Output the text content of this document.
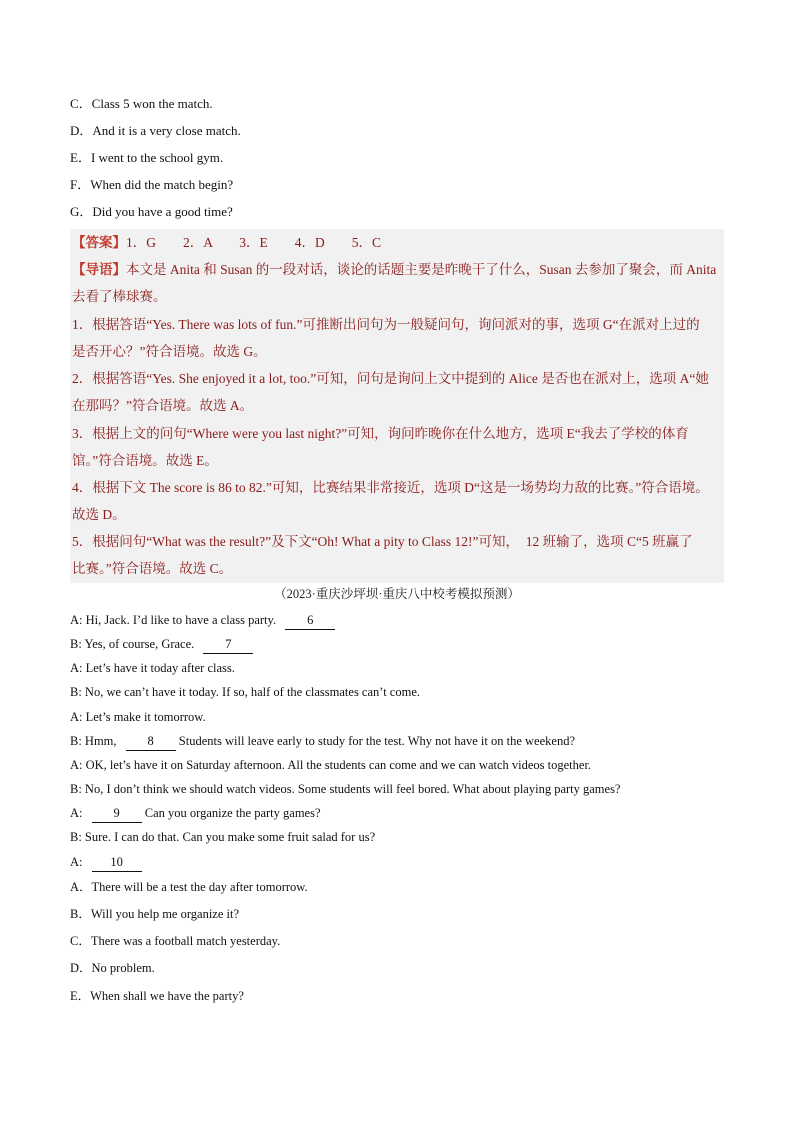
C．Class 5 won the match.
D．And it is a very close match.
E．I went to the school gym.
F．When did the match begin?
G．Did you have a good time?
【答案】1．G　　2．A　　3．E　　4．D　　5．C
【导语】本文是 Anita 和 Susan 的一段对话，谈论的话题主要是昨晚干了什么，Susan 去参加了聚会，而 Anita
去看了棒球赛。
1．根据答语“Yes. There was lots of fun.”可推断出问句为一般疑问句，询问派对的事，选项 G“在派对上过的
是否开心？”符合语境。故选 G。
2．根据答语“Yes. She enjoyed it a lot, too.”可知，问句是询问上文中提到的 Alice 是否也在派对上，选项 A“她
在那吗？”符合语境。故选 A。
3．根据上文的问句“Where were you last night?”可知，询问昨晚你在什么地方，选项 E“我去了学校的体育
馆。”符合语境。故选 E。
4．根据下文 The score is 86 to 82.”可知，比赛结果非常接近，选项 D“这是一场势均力敌的比赛。”符合语境。
故选 D。
5．根据问句“What was the result?”及下文“Oh! What a pity to Class 12!”可知，　12 班输了，选项 C“5 班赢了
比赛。”符合语境。故选 C。
（2023·重庆沙坪坝·重庆八中校考模拟预测）
A: Hi, Jack. I’d like to have a class party. 6
B: Yes, of course, Grace. 7
A: Let’s have it today after class.
B: No, we can’t have it today. If so, half of the classmates can’t come.
A: Let’s make it tomorrow.
B: Hmm, 8 Students will leave early to study for the test. Why not have it on the weekend?
A: OK, let’s have it on Saturday afternoon. All the students can come and we can watch videos together.
B: No, I don’t think we should watch videos. Some students will feel bored. What about playing party games?
A: 9 Can you organize the party games?
B: Sure. I can do that. Can you make some fruit salad for us?
A: 10
A．There will be a test the day after tomorrow.
B．Will you help me organize it?
C．There was a football match yesterday.
D．No problem.
E．When shall we have the party?
